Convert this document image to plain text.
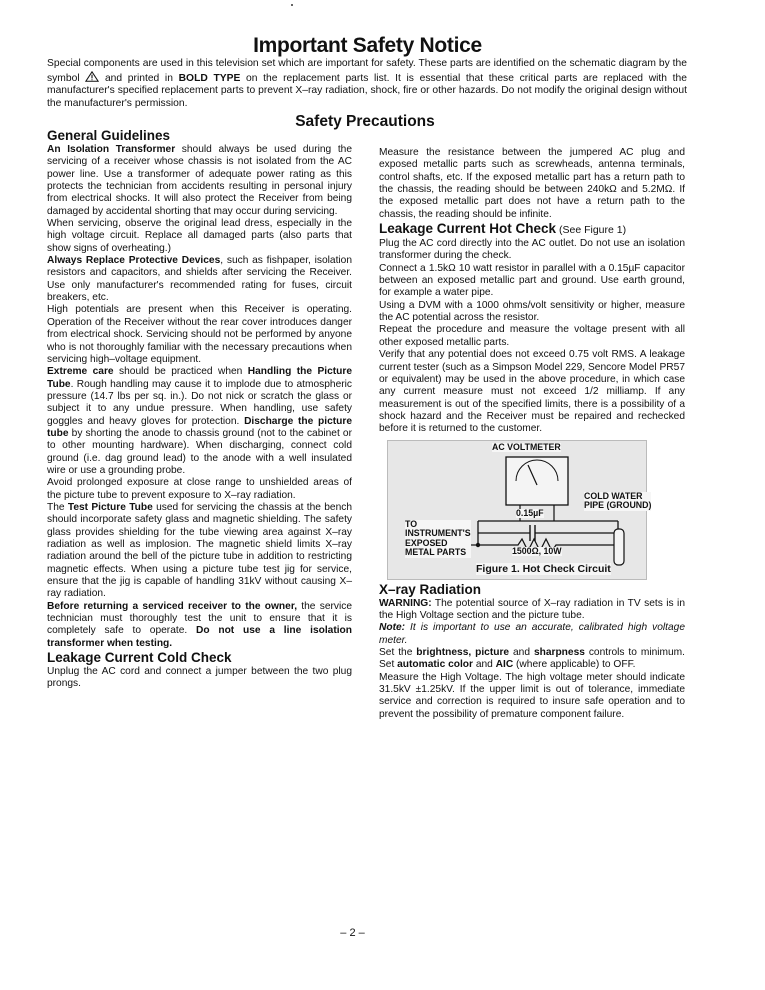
Important Safety Notice
Special components are used in this television set which are important for safety. These parts are identified on the schematic diagram by the symbol  and printed in BOLD TYPE on the replacement parts list. It is essential that these critical parts are replaced with the manufacturer's specified replacement parts to prevent X–ray radiation, shock, fire or other hazards. Do not modify the original design without the manufacturer's permission.
Safety Precautions

General Guidelines

An Isolation Transformer should always be used during the servicing of a receiver whose chassis is not isolated from the AC power line. Use a transformer of adequate power rating as this protects the technician from accidents resulting in personal injury from electrical shocks. It will also protect the Receiver from being damaged by accidental shorting that may occur during servicing.

When servicing, observe the original lead dress, especially in the high voltage circuit. Replace all damaged parts (also parts that show signs of overheating.)

Always Replace Protective Devices, such as fishpaper, isolation resistors and capacitors, and shields after servicing the Receiver. Use only manufacturer's recommended rating for fuses, circuit breakers, etc.

High potentials are present when this Receiver is operating. Operation of the Receiver without the rear cover introduces danger from electrical shock. Servicing should not be performed by anyone who is not thoroughly familiar with the necessary precautions when servicing high–voltage equipment.

Extreme care should be practiced when Handling the Picture Tube. Rough handling may cause it to implode due to atmospheric pressure (14.7 lbs per sq. in.). Do not nick or scratch the glass or subject it to any undue pressure. When handling, use safety goggles and heavy gloves for protection. Discharge the picture tube by shorting the anode to chassis ground (not to the cabinet or to other mounting hardware). When discharging, connect cold ground (i.e. dag ground lead) to the anode with a well insulated wire or use a grounding probe.

Avoid prolonged exposure at close range to unshielded areas of the picture tube to prevent exposure to X–ray radiation.

The Test Picture Tube used for servicing the chassis at the bench should incorporate safety glass and magnetic shielding. The safety glass provides shielding for the tube viewing area against X–ray radiation as well as implosion. The magnetic shield limits X–ray radiation around the bell of the picture tube in addition to restricting magnetic effects. When using a picture tube test jig for service, ensure that the jig is capable of handling 31kV without causing X–ray radiation.

Before returning a serviced receiver to the owner, the service technician must thoroughly test the unit to ensure that it is completely safe to operate. Do not use a line isolation transformer when testing.

Leakage Current Cold Check

Unplug the AC cord and connect a jumper between the two plug prongs.

Measure the resistance between the jumpered AC plug and exposed metallic parts such as screwheads, antenna terminals, control shafts, etc. If the exposed metallic part has a return path to the chassis, the reading should be between 240kΩ and 5.2MΩ. If the exposed metallic part does not have a return path to the chassis, the reading should be infinite.

Leakage Current Hot Check (See Figure 1)

Plug the AC cord directly into the AC outlet. Do not use an isolation transformer during the check.

Connect a 1.5kΩ 10 watt resistor in parallel with a 0.15µF capacitor between an exposed metallic part and ground. Use earth ground, for example a water pipe.

Using a DVM with a 1000 ohms/volt sensitivity or higher, measure the AC potential across the resistor.

Repeat the procedure and measure the voltage present with all other exposed metallic parts.

Verify that any potential does not exceed 0.75 volt RMS. A leakage current tester (such as a Simpson Model 229, Sencore Model PR57 or equivalent) may be used in the above procedure, in which case any current measure must not exceed 1/2 milliamp. If any measurement is out of the specified limits, there is a possibility of a shock hazard and the Receiver must be repaired and rechecked before it is returned to the customer.

AC VOLTMETER
0.15µF
COLD WATER
PIPE (GROUND)
TO
INSTRUMENT'S
EXPOSED
METAL PARTS	1500Ω, 10W
Figure 1. Hot Check Circuit

X–ray Radiation

WARNING: The potential source of X–ray radiation in TV sets is in the High Voltage section and the picture tube.

Note: It is important to use an accurate, calibrated high voltage meter.

Set the brightness, picture and sharpness controls to minimum. Set automatic color and AIC (where applicable) to OFF.

Measure the High Voltage. The high voltage meter should indicate 31.5kV ±1.25kV. If the upper limit is out of tolerance, immediate service and correction is required to insure safe operation and to prevent the possibility of premature component failure.

– 2 –
